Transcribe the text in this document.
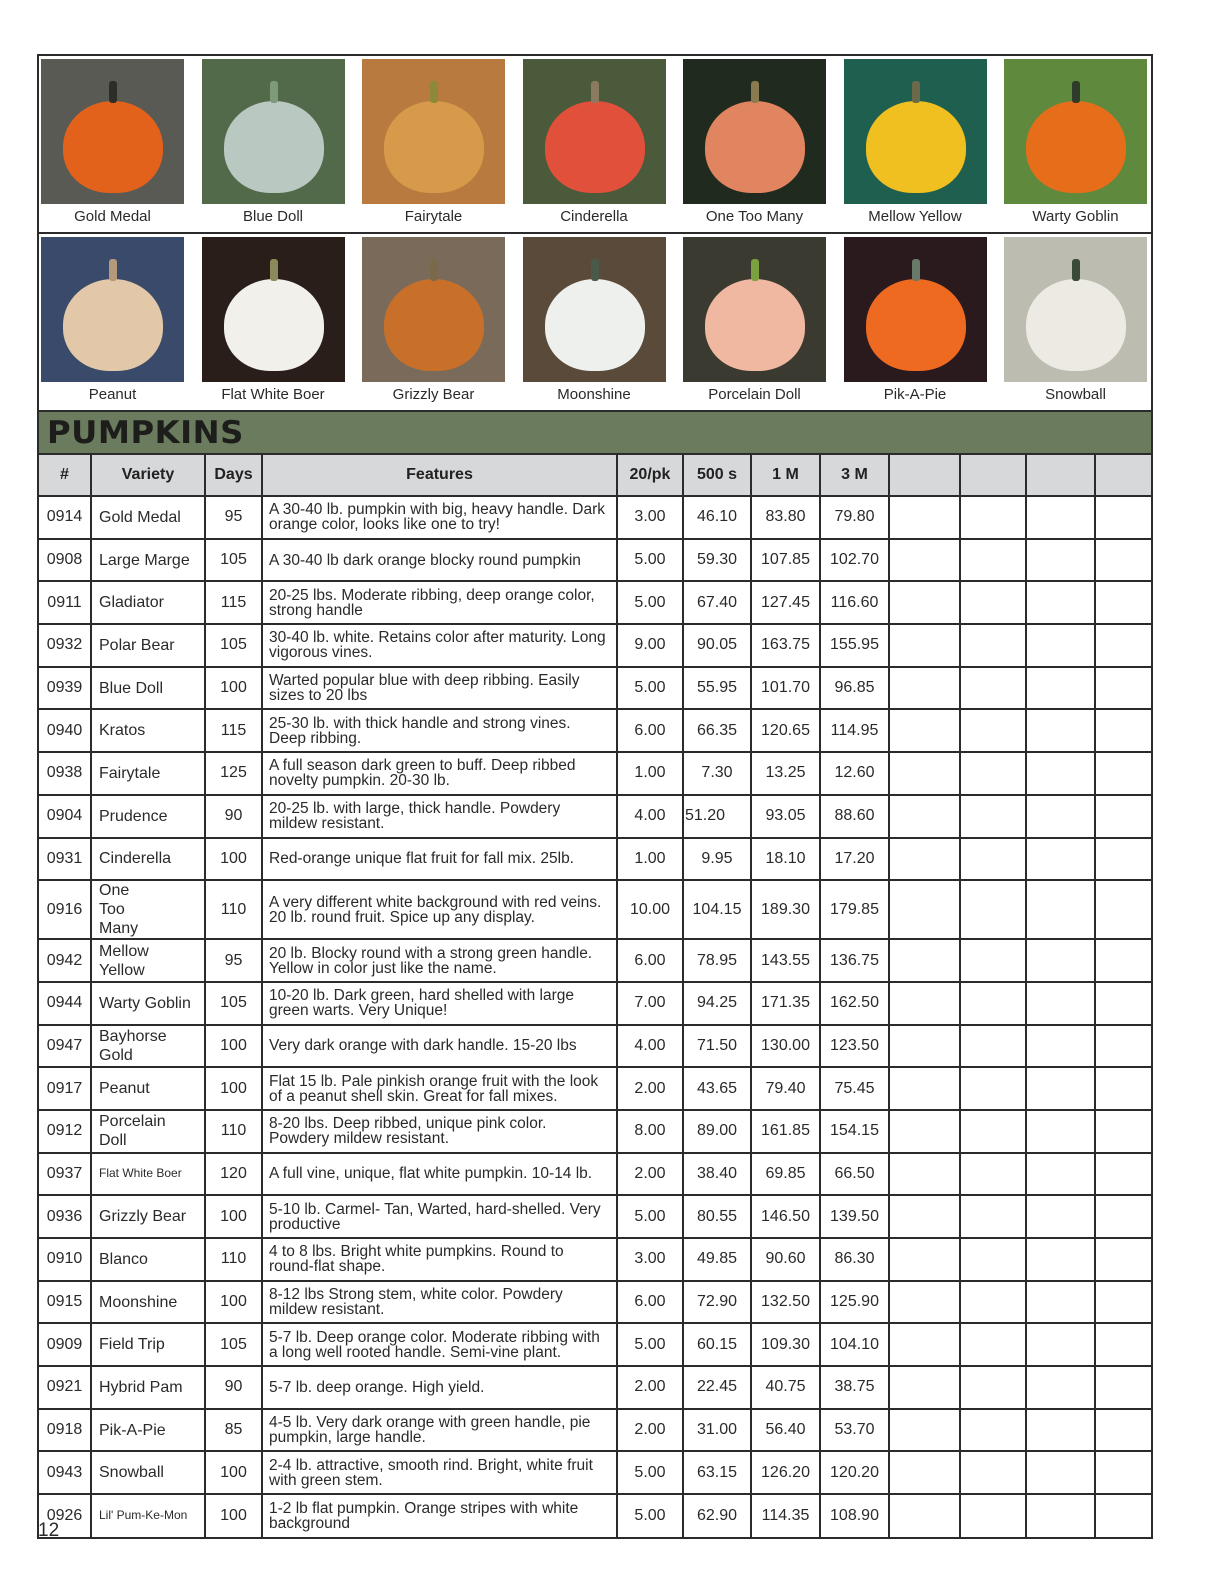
Gold Medal	Blue Doll	Fairytale	Cinderella	One Too Many	Mellow Yellow	Warty Goblin
Peanut	Flat White Boer	Grizzly Bear	Moonshine	Porcelain Doll	Pik-A-Pie	Snowball
PUMPKINS
#	Variety	Days	Features	20/pk	500 s	1 M	3 M				
0914	Gold Medal	95	A 30-40 lb. pumpkin with big, heavy handle. Dark orange color, looks like one to try!	3.00	46.10	83.80	79.80				
0908	Large Marge	105	A 30-40 lb dark orange blocky round pumpkin	5.00	59.30	107.85	102.70				
0911	Gladiator	115	20-25 lbs. Moderate ribbing, deep orange color, strong handle	5.00	67.40	127.45	116.60				
0932	Polar Bear	105	30-40 lb. white. Retains color after maturity. Long vigorous vines.	9.00	90.05	163.75	155.95				
0939	Blue Doll	100	Warted popular blue with deep ribbing. Easily sizes to 20 lbs	5.00	55.95	101.70	96.85				
0940	Kratos	115	25-30 lb. with thick handle and strong vines. Deep ribbing.	6.00	66.35	120.65	114.95				
0938	Fairytale	125	A full season dark green to buff. Deep ribbed novelty pumpkin. 20-30 lb.	1.00	7.30	13.25	12.60				
0904	Prudence	90	20-25 lb. with large, thick handle. Powdery mildew resistant.	4.00	51.20	93.05	88.60				
0931	Cinderella	100	Red-orange unique flat fruit for fall mix. 25lb.	1.00	9.95	18.10	17.20				
0916	One Too Many	110	A very different white background with red veins. 20 lb. round fruit. Spice up any display.	10.00	104.15	189.30	179.85				
0942	Mellow Yellow	95	20 lb. Blocky round with a strong green handle. Yellow in color just like the name.	6.00	78.95	143.55	136.75				
0944	Warty Goblin	105	10-20 lb. Dark green, hard shelled with large green warts. Very Unique!	7.00	94.25	171.35	162.50				
0947	Bayhorse Gold	100	Very dark orange with dark handle. 15-20 lbs	4.00	71.50	130.00	123.50				
0917	Peanut	100	Flat 15 lb. Pale pinkish orange fruit with the look of a peanut shell skin. Great for fall mixes.	2.00	43.65	79.40	75.45				
0912	Porcelain Doll	110	8-20 lbs. Deep ribbed, unique pink color. Powdery mildew resistant.	8.00	89.00	161.85	154.15				
0937	Flat White Boer	120	A full vine, unique, flat white pumpkin. 10-14 lb.	2.00	38.40	69.85	66.50				
0936	Grizzly Bear	100	5-10 lb. Carmel- Tan, Warted, hard-shelled. Very productive	5.00	80.55	146.50	139.50				
0910	Blanco	110	4 to 8 lbs. Bright white pumpkins. Round to round-flat shape.	3.00	49.85	90.60	86.30				
0915	Moonshine	100	8-12 lbs Strong stem, white color. Powdery mildew resistant.	6.00	72.90	132.50	125.90				
0909	Field Trip	105	5-7 lb. Deep orange color. Moderate ribbing with a long well rooted handle. Semi-vine plant.	5.00	60.15	109.30	104.10				
0921	Hybrid Pam	90	5-7 lb. deep orange. High yield.	2.00	22.45	40.75	38.75				
0918	Pik-A-Pie	85	4-5 lb. Very dark orange with green handle, pie pumpkin, large handle.	2.00	31.00	56.40	53.70				
0943	Snowball	100	2-4 lb. attractive, smooth rind. Bright, white fruit with green stem.	5.00	63.15	126.20	120.20				
0926	Lil' Pum-Ke-Mon	100	1-2 lb flat pumpkin. Orange stripes with white background	5.00	62.90	114.35	108.90				
12
